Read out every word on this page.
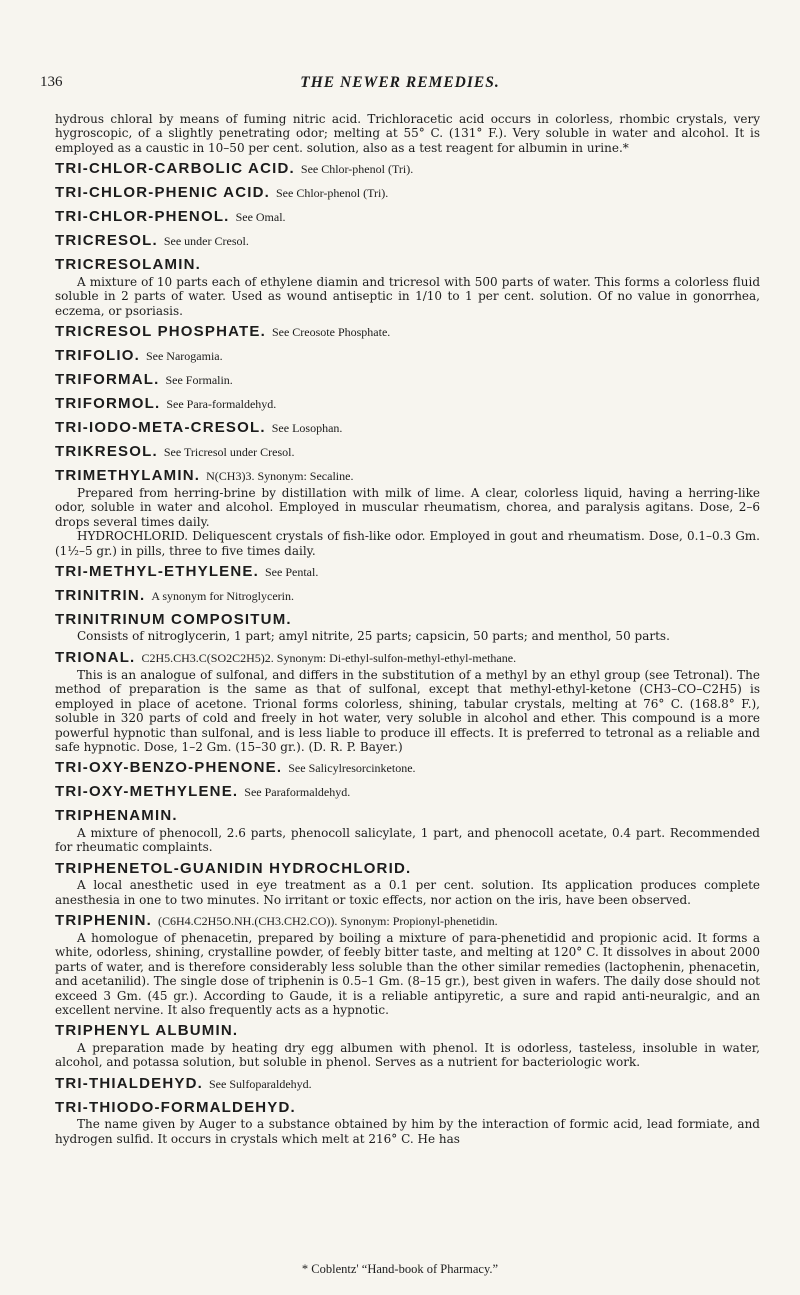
136	THE NEWER REMEDIES.

hydrous chloral by means of fuming nitric acid. Trichloracetic acid occurs in colorless, rhombic crystals, very hygroscopic, of a slightly penetrating odor; melting at 55° C. (131° F.). Very soluble in water and alcohol. It is employed as a caustic in 10–50 per cent. solution, also as a test reagent for albumin in urine.*

TRI-CHLOR-CARBOLIC ACID. See Chlor-phenol (Tri).
TRI-CHLOR-PHENIC ACID. See Chlor-phenol (Tri).
TRI-CHLOR-PHENOL. See Omal.
TRICRESOL. See under Cresol.
TRICRESOLAMIN.

A mixture of 10 parts each of ethylene diamin and tricresol with 500 parts of water. This forms a colorless fluid soluble in 2 parts of water. Used as wound antiseptic in 1/10 to 1 per cent. solution. Of no value in gonorrhea, eczema, or psoriasis.

TRICRESOL PHOSPHATE. See Creosote Phosphate.
TRIFOLIO. See Narogamia.
TRIFORMAL. See Formalin.
TRIFORMOL. See Para-formaldehyd.
TRI-IODO-META-CRESOL. See Losophan.
TRIKRESOL. See Tricresol under Cresol.
TRIMETHYLAMIN. N(CH3)3. Synonym: Secaline.

Prepared from herring-brine by distillation with milk of lime. A clear, colorless liquid, having a herring-like odor, soluble in water and alcohol. Employed in muscular rheumatism, chorea, and paralysis agitans. Dose, 2–6 drops several times daily.

HYDROCHLORID. Deliquescent crystals of fish-like odor. Employed in gout and rheumatism. Dose, 0.1–0.3 Gm. (1½–5 gr.) in pills, three to five times daily.

TRI-METHYL-ETHYLENE. See Pental.
TRINITRIN. A synonym for Nitroglycerin.
TRINITRINUM COMPOSITUM.

Consists of nitroglycerin, 1 part; amyl nitrite, 25 parts; capsicin, 50 parts; and menthol, 50 parts.

TRIONAL. C2H5.CH3.C(SO2C2H5)2. Synonym: Di-ethyl-sulfon-methyl-ethyl-methane.

This is an analogue of sulfonal, and differs in the substitution of a methyl by an ethyl group (see Tetronal). The method of preparation is the same as that of sulfonal, except that methyl-ethyl-ketone (CH3–CO–C2H5) is employed in place of acetone. Trional forms colorless, shining, tabular crystals, melting at 76° C. (168.8° F.), soluble in 320 parts of cold and freely in hot water, very soluble in alcohol and ether. This compound is a more powerful hypnotic than sulfonal, and is less liable to produce ill effects. It is preferred to tetronal as a reliable and safe hypnotic. Dose, 1–2 Gm. (15–30 gr.). (D. R. P. Bayer.)

TRI-OXY-BENZO-PHENONE. See Salicylresorcinketone.
TRI-OXY-METHYLENE. See Paraformaldehyd.
TRIPHENAMIN.

A mixture of phenocoll, 2.6 parts, phenocoll salicylate, 1 part, and phenocoll acetate, 0.4 part. Recommended for rheumatic complaints.

TRIPHENETOL-GUANIDIN HYDROCHLORID.

A local anesthetic used in eye treatment as a 0.1 per cent. solution. Its application produces complete anesthesia in one to two minutes. No irritant or toxic effects, nor action on the iris, have been observed.

TRIPHENIN. (C6H4.C2H5O.NH.(CH3.CH2.CO)). Synonym: Propionyl-phenetidin.

A homologue of phenacetin, prepared by boiling a mixture of para-phenetidid and propionic acid. It forms a white, odorless, shining, crystalline powder, of feebly bitter taste, and melting at 120° C. It dissolves in about 2000 parts of water, and is therefore considerably less soluble than the other similar remedies (lactophenin, phenacetin, and acetanilid). The single dose of triphenin is 0.5–1 Gm. (8–15 gr.), best given in wafers. The daily dose should not exceed 3 Gm. (45 gr.). According to Gaude, it is a reliable antipyretic, a sure and rapid anti-neuralgic, and an excellent nervine. It also frequently acts as a hypnotic.

TRIPHENYL ALBUMIN.

A preparation made by heating dry egg albumen with phenol. It is odorless, tasteless, insoluble in water, alcohol, and potassa solution, but soluble in phenol. Serves as a nutrient for bacteriologic work.

TRI-THIALDEHYD. See Sulfoparaldehyd.
TRI-THIODO-FORMALDEHYD.

The name given by Auger to a substance obtained by him by the interaction of formic acid, lead formiate, and hydrogen sulfid. It occurs in crystals which melt at 216° C. He has

* Coblentz' “Hand-book of Pharmacy.”
